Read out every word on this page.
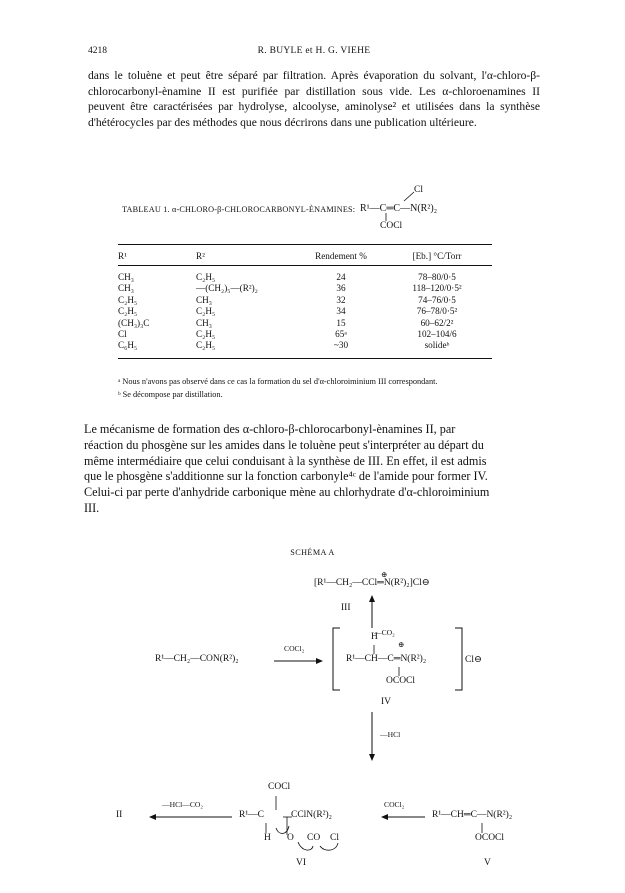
4218	R. BUYLE et H. G. VIEHE

dans le toluène et peut être séparé par filtration. Après évaporation du solvant, l'α-chloro-β-chlorocarbonyl-ènamine II est purifiée par distillation sous vide. Les α-chloroenamines II peuvent être caractérisées par hydrolyse, alcoolyse, aminolyse² et utilisées dans la synthèse d'hétérocycles par des méthodes que nous décrirons dans une publication ultérieure.

TABLEAU 1. α-CHLORO-β-CHLOROCARBONYL-ÈNAMINES:
Cl
R¹—C═C—N(R²)₂
COCl
R¹	R²	Rendement %	[Eb.] °C/Torr
CH₃	C₂H₅	24	78–80/0·5
CH₃	—(CH₂)₅—(R²)₂	36	118–120/0·5²
C₂H₅	CH₃	32	74–76/0·5
C₂H₅	C₂H₅	34	76–78/0·5²
(CH₃)₃C	CH₃	15	60–62/2²
Cl	C₂H₅	65ᵃ	102–104/6
C₆H₅	C₂H₅	~30	solideᵇ
ᵃ Nous n'avons pas observé dans ce cas la formation du sel d'α-chloroiminium III correspondant.
ᵇ Se décompose par distillation.
Le mécanisme de formation des α-chloro-β-chlorocarbonyl-ènamines II, par
réaction du phosgène sur les amides dans le toluène peut s'interpréter au départ du
même intermédiaire que celui conduisant à la synthèse de III. En effet, il est admis
que le phosgène s'additionne sur la fonction carbonyle⁴ᶜ de l'amide pour former IV.
Celui-ci par perte d'anhydride carbonique mène au chlorhydrate d'α-chloroiminium
III.
SCHÉMA A
[R¹—CH₂—CCl═N(R²)₂]Cl⊖
⊕
III
—CO₂
R¹—CH₂—CON(R²)₂
COCl₂
H
⊕
R¹—CH—C═N(R²)₂	Cl⊖
OCOCl
IV
—HCl
II
—HCl—CO₂
COCl
R¹—C	CClN(R²)₂
H O CO Cl
VI
COCl₂
R¹—CH═C—N(R²)₂
OCOCl
V
